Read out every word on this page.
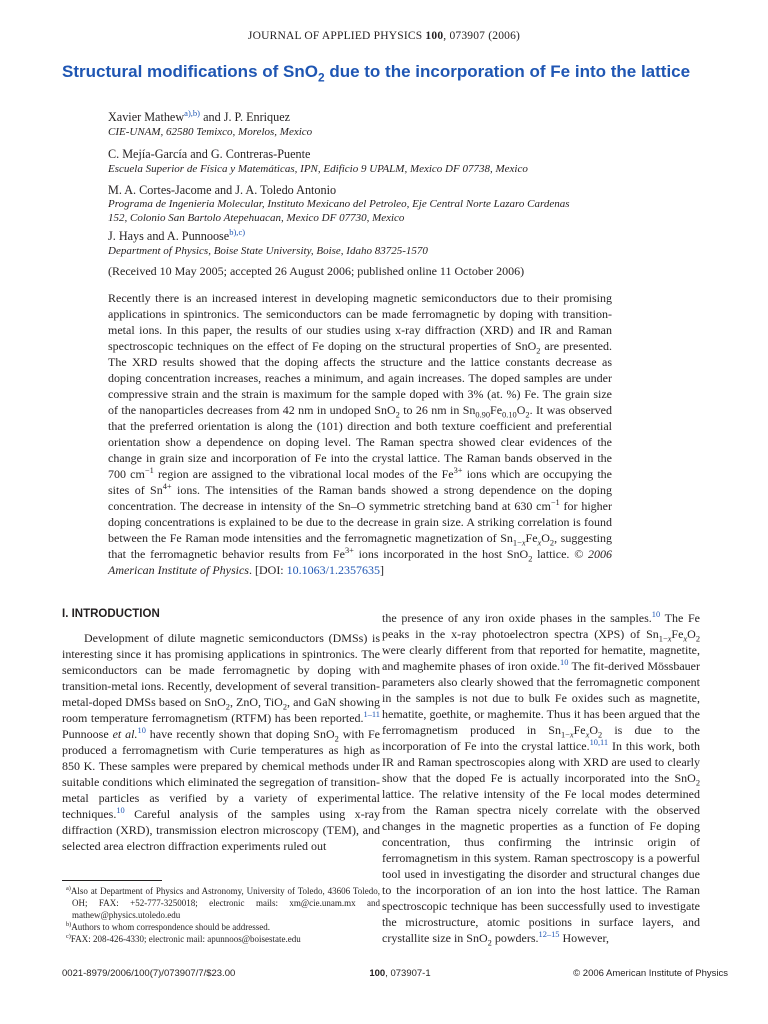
JOURNAL OF APPLIED PHYSICS 100, 073907 (2006)
Structural modifications of SnO$_2$ due to the incorporation of Fe into the lattice
Xavier Mathew$^{a),b)}$ and J. P. Enriquez
CIE-UNAM, 62580 Temixco, Morelos, Mexico
C. Mejía-García and G. Contreras-Puente
Escuela Superior de Física y Matemáticas, IPN, Edificio 9 UPALM, Mexico DF 07738, Mexico
M. A. Cortes-Jacome and J. A. Toledo Antonio
Programa de Ingenieria Molecular, Instituto Mexicano del Petroleo, Eje Central Norte Lazaro Cardenas 152, Colonio San Bartolo Atepehuacan, Mexico DF 07730, Mexico
J. Hays and A. Punnoose$^{b),c)}$
Department of Physics, Boise State University, Boise, Idaho 83725-1570
(Received 10 May 2005; accepted 26 August 2006; published online 11 October 2006)

Recently there is an increased interest in developing magnetic semiconductors due to their promising applications in spintronics. The semiconductors can be made ferromagnetic by doping with transition-metal ions. In this paper, the results of our studies using x-ray diffraction (XRD) and IR and Raman spectroscopic techniques on the effect of Fe doping on the structural properties of SnO$_2$ are presented. The XRD results showed that the doping affects the structure and the lattice constants decrease as doping concentration increases, reaches a minimum, and again increases. The doped samples are under compressive strain and the strain is maximum for the sample doped with 3% (at. %) Fe. The grain size of the nanoparticles decreases from 42 nm in undoped SnO$_2$ to 26 nm in $Sn_{0.90}Fe_{0.10}O_2$. It was observed that the preferred orientation is along the (101) direction and both texture coefficient and preferential orientation show a dependence on doping level. The Raman spectra showed clear evidences of the change in grain size and incorporation of Fe into the crystal lattice. The Raman bands observed in the 700 $cm^{-1}$ region are assigned to the vibrational local modes of the $Fe^{3+}$ ions which are occupying the sites of $Sn^{4+}$ ions. The intensities of the Raman bands showed a strong dependence on the doping concentration. The decrease in intensity of the Sn–O symmetric stretching band at 630 $cm^{-1}$ for higher doping concentrations is explained to be due to the decrease in grain size. A striking correlation is found between the Fe Raman mode intensities and the ferromagnetic magnetization of $Sn_{1-x}Fe_xO_2$, suggesting that the ferromagnetic behavior results from $Fe^{3+}$ ions incorporated in the host SnO$_2$ lattice. © 2006 American Institute of Physics. [DOI: 10.1063/1.2357635]

I. INTRODUCTION

Development of dilute magnetic semiconductors (DMSs) is interesting since it has promising applications in spintronics. The semiconductors can be made ferromagnetic by doping with transition-metal ions. Recently, development of several transition-metal-doped DMSs based on SnO$_2$, ZnO, TiO$_2$, and GaN showing room temperature ferromagnetism (RTFM) has been reported.$^{1-11}$ Punnoose et al.$^{10}$ have recently shown that doping SnO$_2$ with Fe produced a ferromagnetism with Curie temperatures as high as 850 K. These samples were prepared by chemical methods under suitable conditions which eliminated the segregation of transition-metal particles as verified by a variety of experimental techniques.$^{10}$ Careful analysis of the samples using x-ray diffraction (XRD), transmission electron microscopy (TEM), and selected area electron diffraction experiments ruled out

the presence of any iron oxide phases in the samples.$^{10}$ The Fe peaks in the x-ray photoelectron spectra (XPS) of $Sn_{1-x}Fe_xO_2$ were clearly different from that reported for hematite, magnetite, and maghemite phases of iron oxide.$^{10}$ The fit-derived Mössbauer parameters also clearly showed that the ferromagnetic component in the samples is not due to bulk Fe oxides such as magnetite, hematite, goethite, or maghemite. Thus it has been argued that the ferromagnetism produced in $Sn_{1-x}Fe_xO_2$ is due to the incorporation of Fe into the crystal lattice.$^{10,11}$ In this work, both IR and Raman spectroscopies along with XRD are used to clearly show that the doped Fe is actually incorporated into the SnO$_2$ lattice. The relative intensity of the Fe local modes determined from the Raman spectra nicely correlate with the observed changes in the magnetic properties as a function of Fe doping concentration, thus confirming the intrinsic origin of ferromagnetism in this system. Raman spectroscopy is a powerful tool used in investigating the disorder and structural changes due to the incorporation of an ion into the host lattice. The Raman spectroscopic technique has been successfully used to investigate the microstructure, atomic positions in surface layers, and crystallite size in SnO$_2$ powders.$^{12-15}$ However,

$^{a)}$Also at Department of Physics and Astronomy, University of Toledo, 43606 Toledo, OH; FAX: +52-777-3250018; electronic mails: xm@cie.unam.mx and mathew@physics.utoledo.edu

$^{b)}$Authors to whom correspondence should be addressed.

$^{c)}$FAX: 208-426-4330; electronic mail: apunnoos@boisestate.edu

0021-8979/2006/100(7)/073907/7/$23.00	100, 073907-1	© 2006 American Institute of Physics
